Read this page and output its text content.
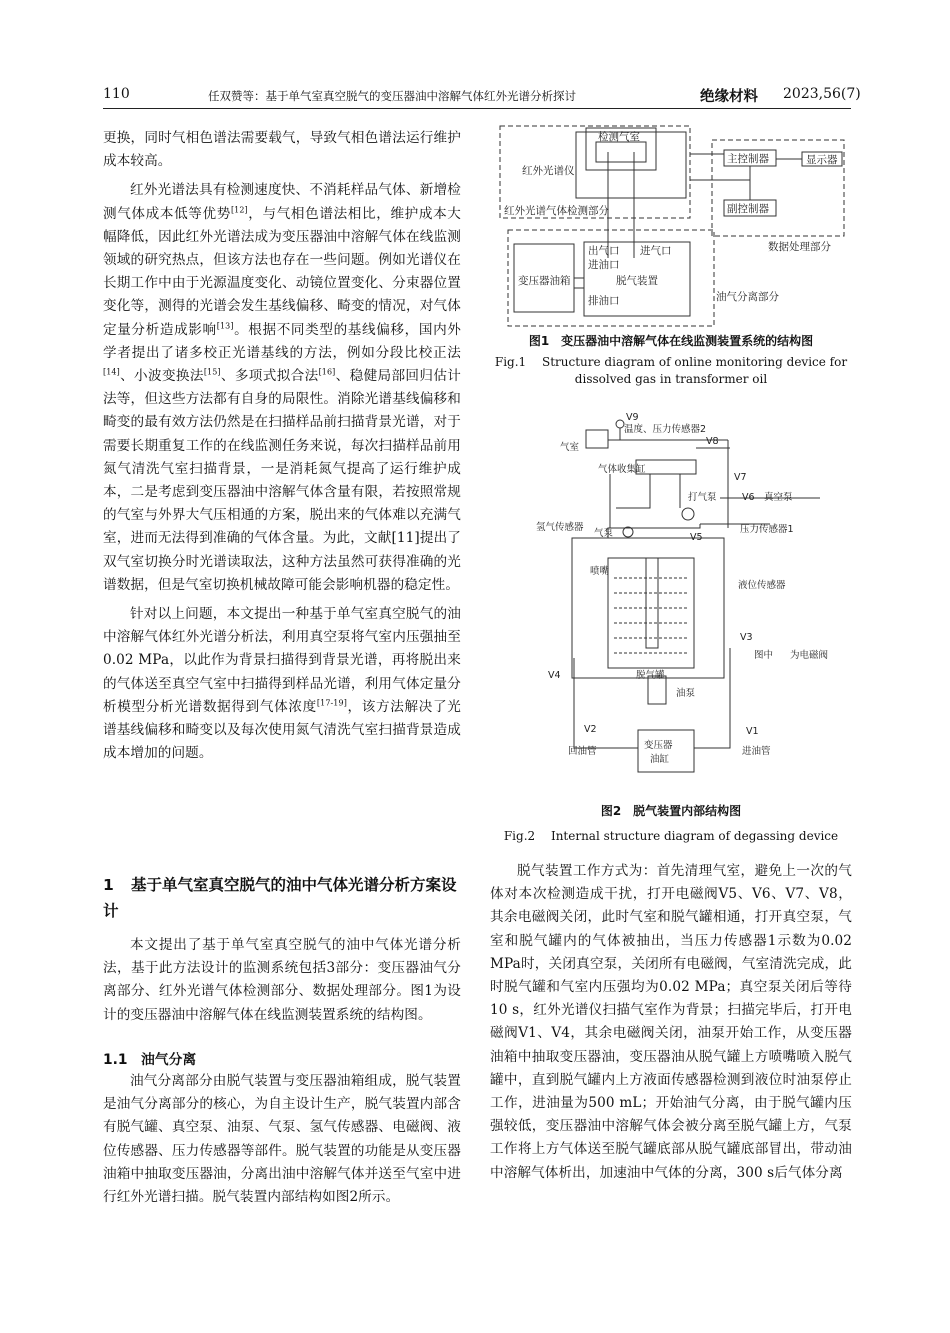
110	任双赞等：基于单气室真空脱气的变压器油中溶解气体红外光谱分析探讨	绝缘材料 2023,56(7)

更换，同时气相色谱法需要载气，导致气相色谱法运行维护成本较高。

红外光谱法具有检测速度快、不消耗样品气体、新增检测气体成本低等优势[12]，与气相色谱法相比，维护成本大幅降低，因此红外光谱法成为变压器油中溶解气体在线监测领域的研究热点，但该方法也存在一些问题。例如光谱仪在长期工作中由于光源温度变化、动镜位置变化、分束器位置变化等，测得的光谱会发生基线偏移、畸变的情况，对气体定量分析造成影响[13]。根据不同类型的基线偏移，国内外学者提出了诸多校正光谱基线的方法，例如分段比校正法[14]、小波变换法[15]、多项式拟合法[16]、稳健局部回归估计法等，但这些方法都有自身的局限性。消除光谱基线偏移和畸变的最有效方法仍然是在扫描样品前扫描背景光谱，对于需要长期重复工作的在线监测任务来说，每次扫描样品前用氮气清洗气室扫描背景，一是消耗氮气提高了运行维护成本，二是考虑到变压器油中溶解气体含量有限，若按照常规的气室与外界大气压相通的方案，脱出来的气体难以充满气室，进而无法得到准确的气体含量。为此，文献[11]提出了双气室切换分时光谱读取法，这种方法虽然可获得准确的光谱数据，但是气室切换机械故障可能会影响机器的稳定性。

针对以上问题，本文提出一种基于单气室真空脱气的油中溶解气体红外光谱分析法，利用真空泵将气室内压强抽至0.02 MPa，以此作为背景扫描得到背景光谱，再将脱出来的气体送至真空气室中扫描得到样品光谱，利用气体定量分析模型分析光谱数据得到气体浓度[17-19]，该方法解决了光谱基线偏移和畸变以及每次使用氮气清洗气室扫描背景造成成本增加的问题。

1 基于单气室真空脱气的油中气体光谱分析方案设计

本文提出了基于单气室真空脱气的油中气体光谱分析法，基于此方法设计的监测系统包括3部分：变压器油气分离部分、红外光谱气体检测部分、数据处理部分。图1为设计的变压器油中溶解气体在线监测装置系统的结构图。

1.1 油气分离

油气分离部分由脱气装置与变压器油箱组成，脱气装置是油气分离部分的核心，为自主设计生产，脱气装置内部含有脱气罐、真空泵、油泵、气泵、氢气传感器、电磁阀、液位传感器、压力传感器等部件。脱气装置的功能是从变压器油箱中抽取变压器油，分离出油中溶解气体并送至气室中进行红外光谱扫描。脱气装置内部结构如图2所示。

检测气室
红外光谱仪
红外光谱气体检测部分
主控制器	显示器
副控制器
数据处理部分
出气口 进气口
进油口
变压器油箱	脱气装置
排油口	油气分离部分
图1　变压器油中溶解气体在线监测装置系统的结构图
Fig.1　 Structure diagram of online monitoring device for
dissolved gas in transformer oil
V9
温度、压力传感器2
V8
气室
气体收集缸
V7
打气泵	V6 真空泵
氢气传感器
气泵	压力传感器1
V5
喷嘴
液位传感器
V3
图中 为电磁阀
V4	脱气罐
油泵
V2	V1
回油管	进油管
变压器
油缸
图2　脱气装置内部结构图
Fig.2　 Internal structure diagram of degassing device

脱气装置工作方式为：首先清理气室，避免上一次的气体对本次检测造成干扰，打开电磁阀V5、V6、V7、V8，其余电磁阀关闭，此时气室和脱气罐相通，打开真空泵，气室和脱气罐内的气体被抽出，当压力传感器1示数为0.02 MPa时，关闭真空泵，关闭所有电磁阀，气室清洗完成，此时脱气罐和气室内压强均为0.02 MPa；真空泵关闭后等待10 s，红外光谱仪扫描气室作为背景；扫描完毕后，打开电磁阀V1、V4，其余电磁阀关闭，油泵开始工作，从变压器油箱中抽取变压器油，变压器油从脱气罐上方喷嘴喷入脱气罐中，直到脱气罐内上方液面传感器检测到液位时油泵停止工作，进油量为500 mL；开始油气分离，由于脱气罐内压强较低，变压器油中溶解气体会被分离至脱气罐上方，气泵工作将上方气体送至脱气罐底部从脱气罐底部冒出，带动油中溶解气体析出，加速油中气体的分离，300 s后气体分离
